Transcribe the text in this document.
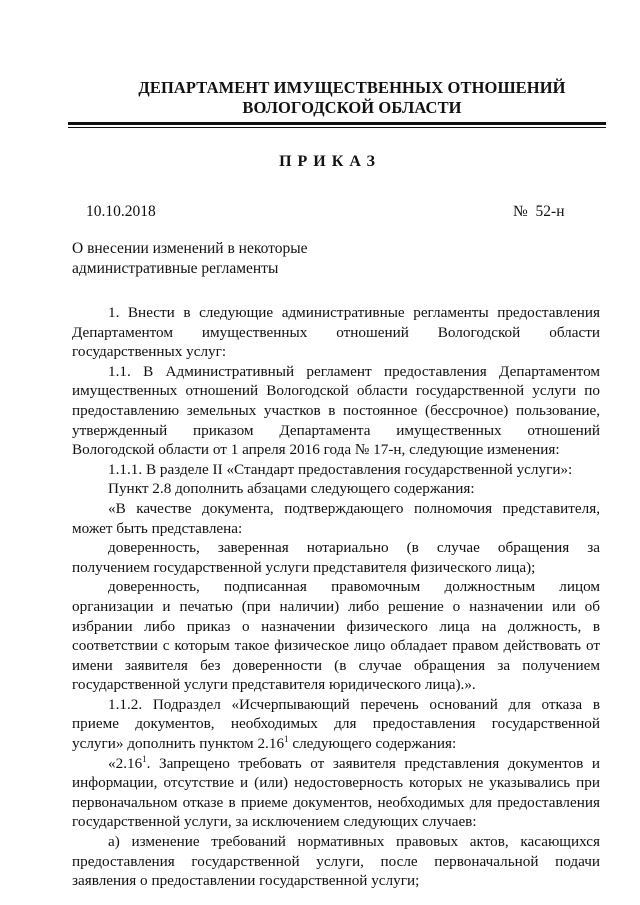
ДЕПАРТАМЕНТ ИМУЩЕСТВЕННЫХ ОТНОШЕНИЙ
ВОЛОГОДСКОЙ ОБЛАСТИ
ПРИКАЗ
10.10.2018	№  52-н
О внесении изменений в некоторые
административные регламенты

1. Внести в следующие административные регламенты предоставления
Департаментом имущественных отношений Вологодской области
государственных услуг:

1.1. В Административный регламент предоставления Департаментом
имущественных отношений Вологодской области государственной услуги по
предоставлению земельных участков в постоянное (бессрочное) пользование,
утвержденный приказом Департамента имущественных отношений
Вологодской области от 1 апреля 2016 года № 17-н, следующие изменения:

1.1.1. В разделе II «Стандарт предоставления государственной услуги»:

Пункт 2.8 дополнить абзацами следующего содержания:

«В качестве документа, подтверждающего полномочия представителя,
может быть представлена:

доверенность, заверенная нотариально (в случае обращения за
получением государственной услуги представителя физического лица);

доверенность, подписанная правомочным должностным лицом
организации и печатью (при наличии) либо решение о назначении или об
избрании либо приказ о назначении физического лица на должность, в
соответствии с которым такое физическое лицо обладает правом действовать от
имени заявителя без доверенности (в случае обращения за получением
государственной услуги представителя юридического лица).».

1.1.2. Подраздел «Исчерпывающий перечень оснований для отказа в
приеме документов, необходимых для предоставления государственной
услуги» дополнить пунктом 2.16$^1$ следующего содержания:

«2.16$^1$. Запрещено требовать от заявителя представления документов и
информации, отсутствие и (или) недостоверность которых не указывались при
первоначальном отказе в приеме документов, необходимых для предоставления
государственной услуги, за исключением следующих случаев:

а) изменение требований нормативных правовых актов, касающихся
предоставления государственной услуги, после первоначальной подачи
заявления о предоставлении государственной услуги;
